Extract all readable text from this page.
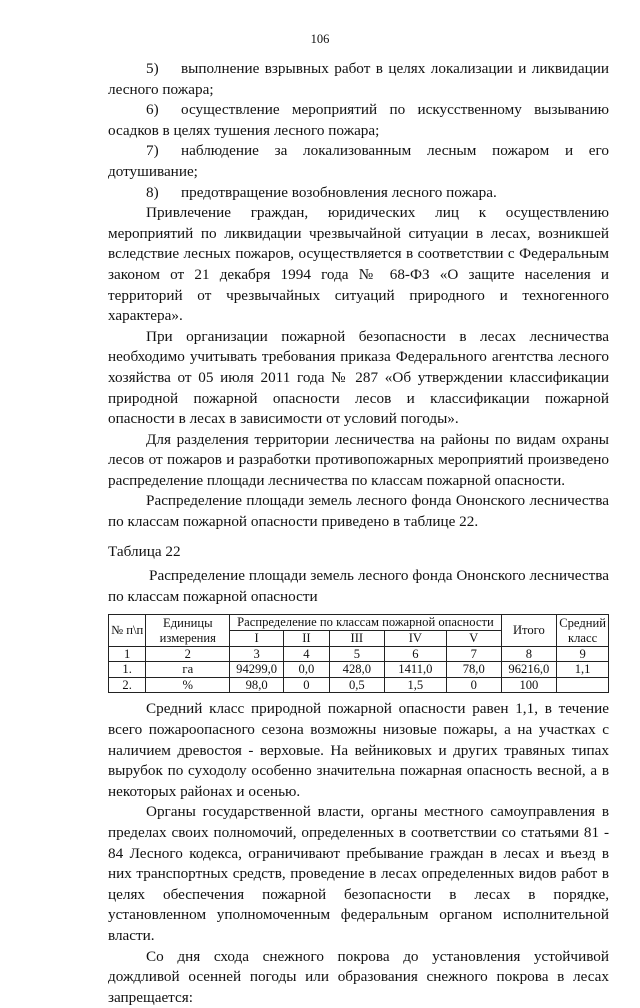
106

5) выполнение взрывных работ в целях локализации и ликвидации лесного пожара;

6) осуществление мероприятий по искусственному вызыванию осадков в целях тушения лесного пожара;

7) наблюдение за локализованным лесным пожаром и его дотушивание;

8) предотвращение возобновления лесного пожара.

Привлечение граждан, юридических лиц к осуществлению мероприятий по ликвидации чрезвычайной ситуации в лесах, возникшей вследствие лесных пожаров, осуществляется в соответствии с Федеральным законом от 21 декабря 1994 года № 68-ФЗ «О защите населения и территорий от чрезвычайных ситуаций природного и техногенного характера».

При организации пожарной безопасности в лесах лесничества необходимо учитывать требования приказа Федерального агентства лесного хозяйства от 05 июля 2011 года № 287 «Об утверждении классификации природной пожарной опасности лесов и классификации пожарной опасности в лесах в зависимости от условий погоды».

Для разделения территории лесничества на районы по видам охраны лесов от пожаров и разработки противопожарных мероприятий произведено распределение площади лесничества по классам пожарной опасности.

Распределение площади земель лесного фонда Ононского лесничества по классам пожарной опасности приведено в таблице 22.

Таблица 22

Распределение площади земель лесного фонда Ононского лесничества по классам пожарной опасности

№ п\п	Единицы измерения	Распределение по классам пожарной опасности					Итого	Средний класс
		I	II	III	IV	V		
1	2	3	4	5	6	7	8	9
1.	га	94299,0	0,0	428,0	1411,0	78,0	96216,0	1,1
2.	%	98,0	0	0,5	1,5	0	100	

Средний класс природной пожарной опасности равен 1,1, в течение всего пожароопасного сезона возможны низовые пожары, а на участках с наличием древостоя - верховые. На вейниковых и других травяных типах вырубок по суходолу особенно значительна пожарная опасность весной, а в некоторых районах и осенью.

Органы государственной власти, органы местного самоуправления в пределах своих полномочий, определенных в соответствии со статьями 81 - 84 Лесного кодекса, ограничивают пребывание граждан в лесах и въезд в них транспортных средств, проведение в лесах определенных видов работ в целях обеспечения пожарной безопасности в лесах в порядке, установленном уполномоченным федеральным органом исполнительной власти.

Со дня схода снежного покрова до установления устойчивой дождливой осенней погоды или образования снежного покрова в лесах запрещается:
